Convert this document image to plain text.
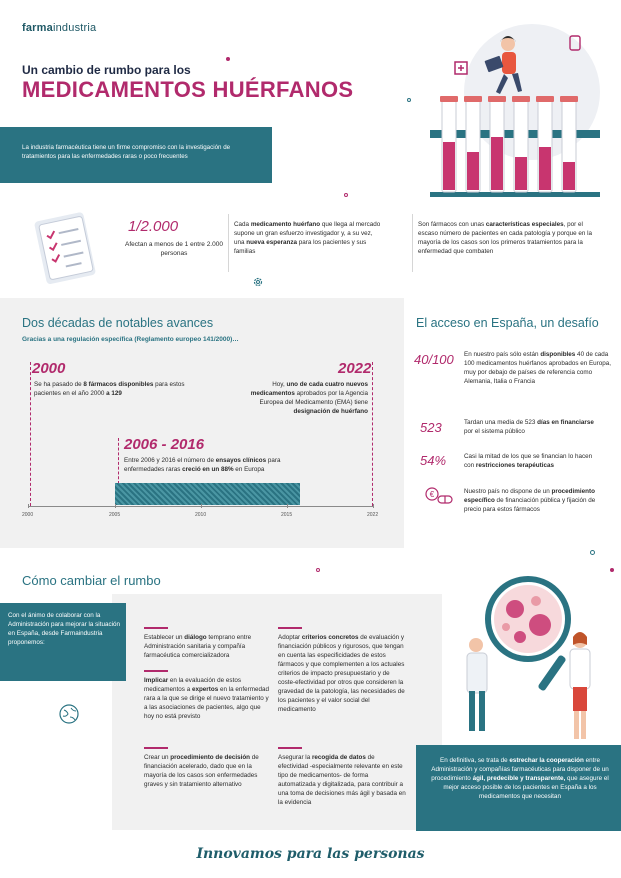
farmaindustria
Un cambio de rumbo para los
MEDICAMENTOS HUÉRFANOS
La industria farmacéutica tiene un firme compromiso con la investigación de tratamientos para las enfermedades raras o poco frecuentes
1/2.000
Afectan a menos de 1 entre 2.000 personas
Cada medicamento huérfano que llega al mercado supone un gran esfuerzo investigador y, a su vez, una nueva esperanza para los pacientes y sus familias
Son fármacos con unas características especiales, por el escaso número de pacientes en cada patología y porque en la mayoría de los casos son los primeros tratamientos para la enfermedad que combaten
Dos décadas de notables avances
Gracias a una regulación específica (Reglamento europeo 141/2000)…
2000
Se ha pasado de 8 fármacos disponibles para estos pacientes en el año 2000 a 129
2022
Hoy, uno de cada cuatro nuevos medicamentos aprobados por la Agencia Europea del Medicamento (EMA) tiene designación de huérfano
2006 - 2016
Entre 2006 y 2016 el número de ensayos clínicos para enfermedades raras creció en un 88% en Europa
2000	2005	2010	2015	2022
El acceso en España, un desafío
40/100 En nuestro país sólo están disponibles 40 de cada 100 medicamentos huérfanos aprobados en Europa, muy por debajo de países de referencia como Alemania, Italia o Francia
523	Tardan una media de 523 días en financiarse por el sistema público
54%	Casi la mitad de los que se financian lo hacen con restricciones terapéuticas
€	Nuestro país no dispone de un procedimiento específico de financiación pública y fijación de precio para estos fármacos
Cómo cambiar el rumbo
Con el ánimo de colaborar con la Administración para mejorar la situación en España, desde Farmaindustria proponemos:
Establecer un diálogo temprano entre Administración sanitaria y compañía farmacéutica comercializadora
Implicar en la evaluación de estos medicamentos a expertos en la enfermedad rara a la que se dirige el nuevo tratamiento y a las asociaciones de pacientes, algo que hoy no está previsto
Crear un procedimiento de decisión de financiación acelerado, dado que en la mayoría de los casos son enfermedades graves y sin tratamiento alternativo
Adoptar criterios concretos de evaluación y financiación públicos y rigurosos, que tengan en cuenta las especificidades de estos fármacos y que complementen a los actuales criterios de impacto presupuestario y de coste-efectividad por otros que consideren la gravedad de la patología, las necesidades de los pacientes y el valor social del medicamento
Asegurar la recogida de datos de efectividad -especialmente relevante en este tipo de medicamentos- de forma automatizada y digitalizada, para contribuir a una toma de decisiones más ágil y basada en la evidencia
En definitiva, se trata de estrechar la cooperación entre Administración y compañías farmacéuticas para disponer de un procedimiento ágil, predecible y transparente, que asegure el mejor acceso posible de los pacientes en España a los medicamentos que necesitan
Innovamos para las personas
